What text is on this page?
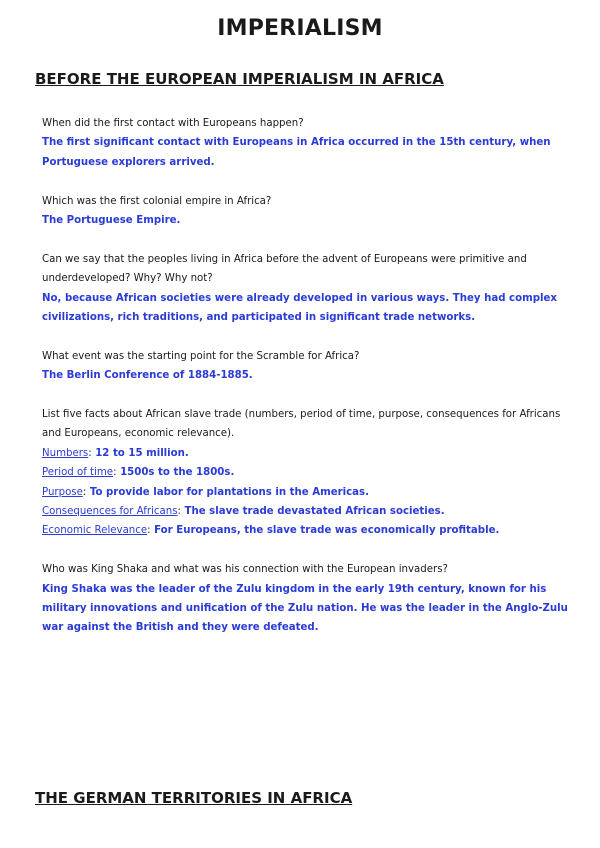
IMPERIALISM
BEFORE THE EUROPEAN IMPERIALISM IN AFRICA

When did the first contact with Europeans happen?

The first significant contact with Europeans in Africa occurred in the 15th century, when Portuguese explorers arrived.

Which was the first colonial empire in Africa?

The Portuguese Empire.

Can we say that the peoples living in Africa before the advent of Europeans were primitive and underdeveloped? Why? Why not?

No, because African societies were already developed in various ways. They had complex civilizations, rich traditions, and participated in significant trade networks.

What event was the starting point for the Scramble for Africa?

The Berlin Conference of 1884-1885.

List five facts about African slave trade (numbers, period of time, purpose, consequences for Africans and Europeans, economic relevance).

Numbers: 12 to 15 million.

Period of time: 1500s to the 1800s.

Purpose: To provide labor for plantations in the Americas.

Consequences for Africans: The slave trade devastated African societies.

Economic Relevance: For Europeans, the slave trade was economically profitable.

Who was King Shaka and what was his connection with the European invaders?

King Shaka was the leader of the Zulu kingdom in the early 19th century, known for his military innovations and unification of the Zulu nation. He was the leader in the Anglo-Zulu war against the British and they were defeated.

THE GERMAN TERRITORIES IN AFRICA
